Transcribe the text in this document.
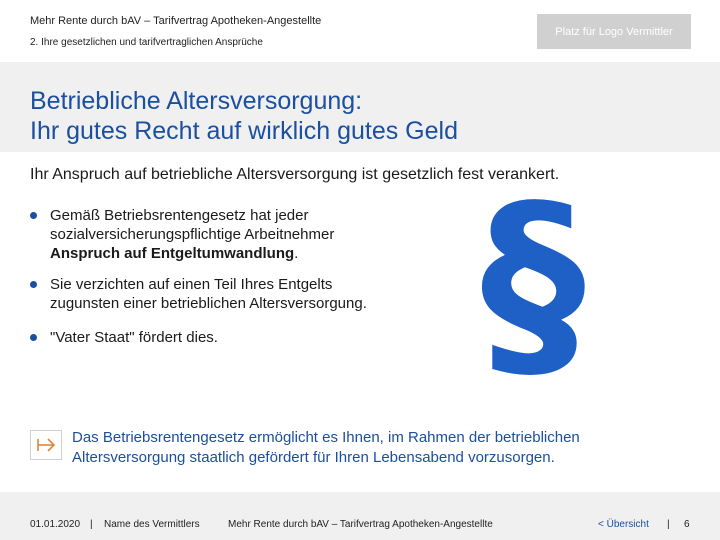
Mehr Rente durch bAV – Tarifvertrag Apotheken-Angestellte
2. Ihre gesetzlichen und tarifvertraglichen Ansprüche
Platz für Logo Vermittler
Betriebliche Altersversorgung:
Ihr gutes Recht auf wirklich gutes Geld
Ihr Anspruch auf betriebliche Altersversorgung ist gesetzlich fest verankert.
Gemäß Betriebsrentengesetz hat jeder sozialversicherungspflichtige Arbeitnehmer Anspruch auf Entgeltumwandlung.
Sie verzichten auf einen Teil Ihres Entgelts zugunsten einer betrieblichen Altersversorgung.
"Vater Staat" fördert dies.	§
Das Betriebsrentengesetz ermöglicht es Ihnen, im Rahmen der betrieblichen Altersversorgung staatlich gefördert für Ihren Lebensabend vorzusorgen.
01.01.2020 | Name des Vermittlers	Mehr Rente durch bAV – Tarifvertrag Apotheken-Angestellte	< Übersicht | 6
